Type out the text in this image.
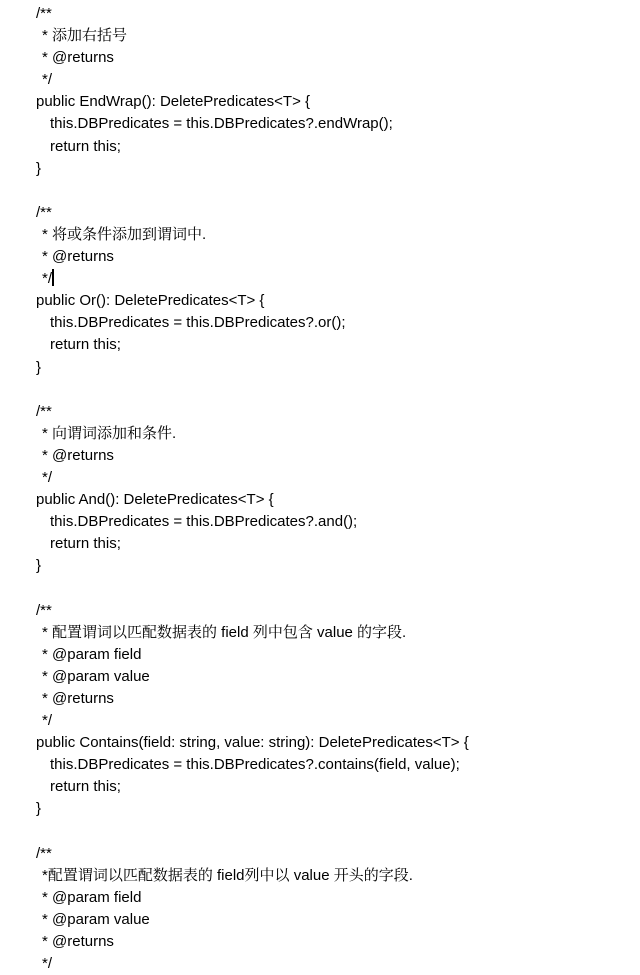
/**
* 添加右括号
* @returns
*/
public EndWrap(): DeletePredicates<T> {
this.DBPredicates = this.DBPredicates?.endWrap();
return this;
}
/**
* 将或条件添加到谓词中.
* @returns
*/
public Or(): DeletePredicates<T> {
this.DBPredicates = this.DBPredicates?.or();
return this;
}
/**
* 向谓词添加和条件.
* @returns
*/
public And(): DeletePredicates<T> {
this.DBPredicates = this.DBPredicates?.and();
return this;
}
/**
* 配置谓词以匹配数据表的 field 列中包含 value 的字段.
* @param field
* @param value
* @returns
*/
public Contains(field: string, value: string): DeletePredicates<T> {
this.DBPredicates = this.DBPredicates?.contains(field, value);
return this;
}
/**
*配置谓词以匹配数据表的 field列中以 value 开头的字段.
* @param field
* @param value
* @returns
*/
